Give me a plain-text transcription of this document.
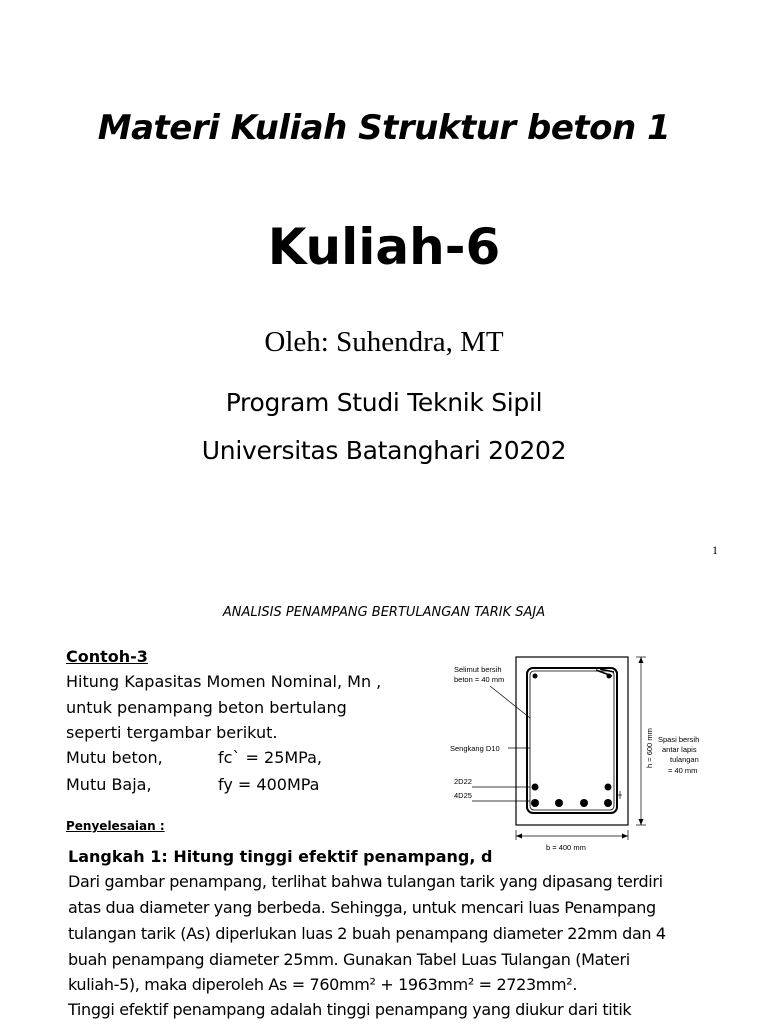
Materi Kuliah Struktur beton 1
Kuliah-6
Oleh: Suhendra, MT
Program Studi Teknik Sipil
Universitas Batanghari 20202
1
ANALISIS PENAMPANG BERTULANGAN TARIK SAJA
Contoh-3
Hitung Kapasitas Momen Nominal, Mn ,
untuk penampang beton bertulang
seperti tergambar berikut.
Mutu beton,	fc` = 25MPa,
Mutu Baja,	fy = 400MPa
Selimut bersih
beton = 40 mm
Sengkang D10
2D22
4D25
h = 600 mm Spasi bersih
antar lapis
tulangan
= 40 mm
b = 400 mm
Penyelesaian :
Langkah 1: Hitung tinggi efektif penampang, d
Dari gambar penampang, terlihat bahwa tulangan tarik yang dipasang terdiri
atas dua diameter yang berbeda. Sehingga, untuk mencari luas Penampang
tulangan tarik (As) diperlukan luas 2 buah penampang diameter 22mm dan 4
buah penampang diameter 25mm. Gunakan Tabel Luas Tulangan (Materi
kuliah-5), maka diperoleh As = 760mm² + 1963mm² = 2723mm².
Tinggi efektif penampang adalah tinggi penampang yang diukur dari titik
